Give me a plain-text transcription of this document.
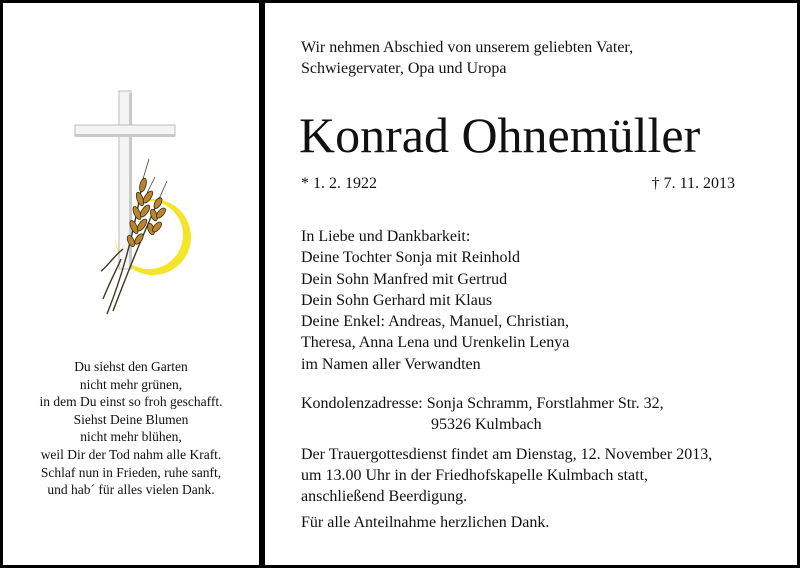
Du siehst den Garten
nicht mehr grünen,
in dem Du einst so froh geschafft.
Siehst Deine Blumen
nicht mehr blühen,
weil Dir der Tod nahm alle Kraft.
Schlaf nun in Frieden, ruhe sanft,
und hab´ für alles vielen Dank.
Wir nehmen Abschied von unserem geliebten Vater,
Schwiegervater, Opa und Uropa
Konrad Ohnemüller
* 1. 2. 1922	† 7. 11. 2013
In Liebe und Dankbarkeit:
Deine Tochter Sonja mit Reinhold
Dein Sohn Manfred mit Gertrud
Dein Sohn Gerhard mit Klaus
Deine Enkel: Andreas, Manuel, Christian,
Theresa, Anna Lena und Urenkelin Lenya
im Namen aller Verwandten
Kondolenzadresse: Sonja Schramm, Forstlahmer Str. 32,
95326 Kulmbach
Der Trauergottesdienst findet am Dienstag, 12. November 2013,
um 13.00 Uhr in der Friedhofskapelle Kulmbach statt,
anschließend Beerdigung.
Für alle Anteilnahme herzlichen Dank.
